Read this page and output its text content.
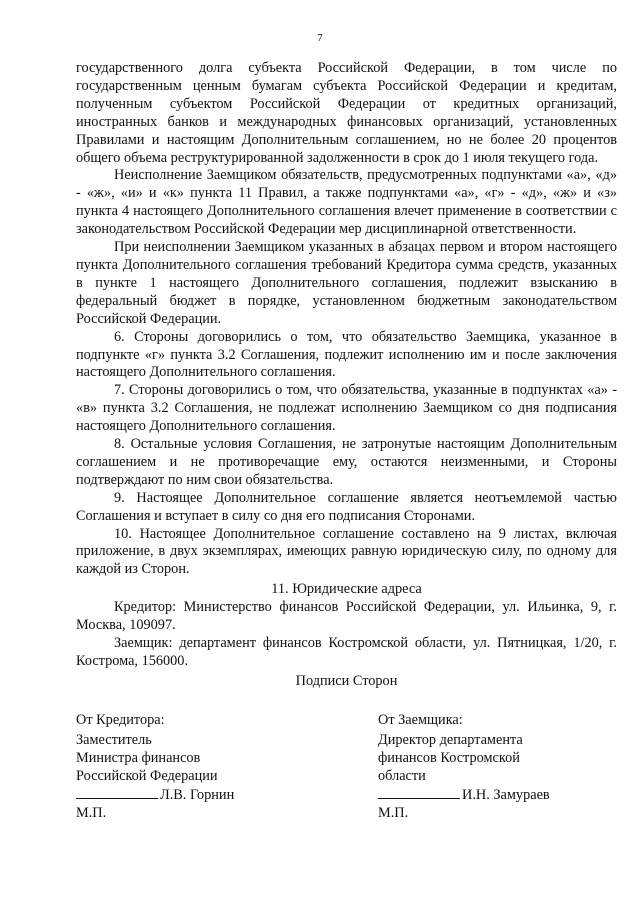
7

государственного долга субъекта Российской Федерации, в том числе по государственным ценным бумагам субъекта Российской Федерации и кредитам, полученным субъектом Российской Федерации от кредитных организаций, иностранных банков и международных финансовых организаций, установленных Правилами и настоящим Дополнительным соглашением, но не более 20 процентов общего объема реструктурированной задолженности в срок до 1 июля текущего года.

Неисполнение Заемщиком обязательств, предусмотренных подпунктами «а», «д» - «ж», «и» и «к» пункта 11 Правил, а также подпунктами «а», «г» - «д», «ж» и «з» пункта 4 настоящего Дополнительного соглашения влечет применение в соответствии с законодательством Российской Федерации мер дисциплинарной ответственности.

При неисполнении Заемщиком указанных в абзацах первом и втором настоящего пункта Дополнительного соглашения требований Кредитора сумма средств, указанных в пункте 1 настоящего Дополнительного соглашения, подлежит взысканию в федеральный бюджет в порядке, установленном бюджетным законодательством Российской Федерации.

6. Стороны договорились о том, что обязательство Заемщика, указанное в подпункте «г» пункта 3.2 Соглашения, подлежит исполнению им и после заключения настоящего Дополнительного соглашения.

7. Стороны договорились о том, что обязательства, указанные в подпунктах «а» - «в» пункта 3.2 Соглашения, не подлежат исполнению Заемщиком со дня подписания настоящего Дополнительного соглашения.

8. Остальные условия Соглашения, не затронутые настоящим Дополнительным соглашением и не противоречащие ему, остаются неизменными, и Стороны подтверждают по ним свои обязательства.

9. Настоящее Дополнительное соглашение является неотъемлемой частью Соглашения и вступает в силу со дня его подписания Сторонами.

10. Настоящее Дополнительное соглашение составлено на 9 листах, включая приложение, в двух экземплярах, имеющих равную юридическую силу, по одному для каждой из Сторон.

11. Юридические адреса

Кредитор: Министерство финансов Российской Федерации, ул. Ильинка, 9, г. Москва, 109097.

Заемщик: департамент финансов Костромской области, ул. Пятницкая, 1/20, г. Кострома, 156000.

Подписи Сторон

От Кредитора:
Заместитель
Министра финансов
Российской Федерации
Л.В. Горнин
М.П.
От Заемщика:
Директор департамента
финансов Костромской
области
И.Н. Замураев
М.П.
